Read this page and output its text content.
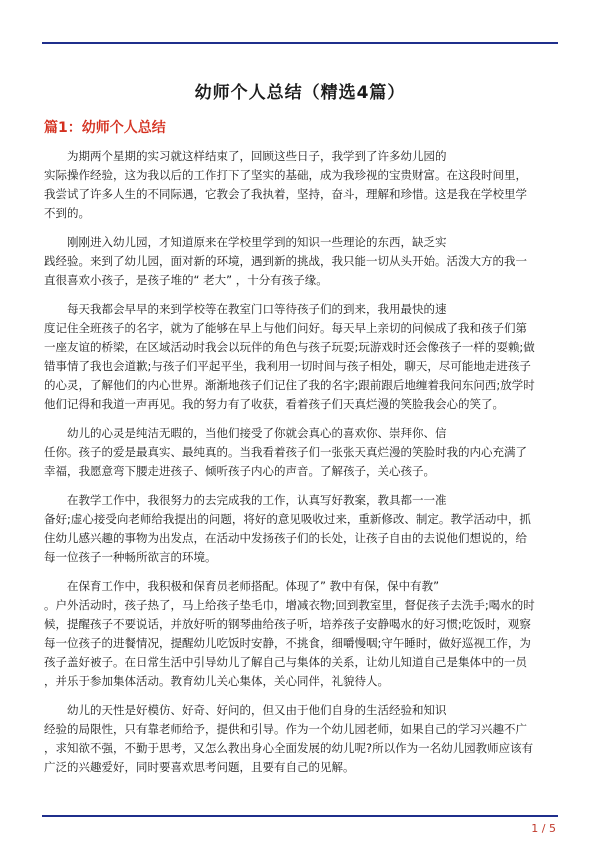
幼师个人总结（精选4篇）
篇1：幼师个人总结
为期两个星期的实习就这样结束了，回顾这些日子，我学到了许多幼儿园的
实际操作经验，这为我以后的工作打下了坚实的基础，成为我珍视的宝贵财富。在这段时间里，
我尝试了许多人生的不同际遇，它教会了我执着，坚持，奋斗，理解和珍惜。这是我在学校里学
不到的。
刚刚进入幼儿园，才知道原来在学校里学到的知识一些理论的东西，缺乏实
践经验。来到了幼儿园，面对新的环境，遇到新的挑战，我只能一切从头开始。活泼大方的我一
直很喜欢小孩子，是孩子堆的“ 老大” ，十分有孩子缘。
每天我都会早早的来到学校等在教室门口等待孩子们的到来，我用最快的速
度记住全班孩子的名字，就为了能够在早上与他们问好。每天早上亲切的问候成了我和孩子们第
一座友谊的桥梁，在区域活动时我会以玩伴的角色与孩子玩耍;玩游戏时还会像孩子一样的耍赖;做
错事情了我也会道歉;与孩子们平起平坐，我利用一切时间与孩子相处，聊天，尽可能地走进孩子
的心灵，了解他们的内心世界。渐渐地孩子们记住了我的名字;跟前跟后地缠着我问东问西;放学时
他们记得和我道一声再见。我的努力有了收获，看着孩子们天真烂漫的笑脸我会心的笑了。
幼儿的心灵是纯洁无暇的，当他们接受了你就会真心的喜欢你、崇拜你、信
任你。孩子的爱是最真实、最纯真的。当我看着孩子们一张张天真烂漫的笑脸时我的内心充满了
幸福，我愿意弯下腰走进孩子、倾听孩子内心的声音。了解孩子，关心孩子。
在教学工作中，我很努力的去完成我的工作，认真写好教案，教具都一一准
备好;虚心接受向老师给我提出的问题，将好的意见吸收过来，重新修改、制定。教学活动中，抓
住幼儿感兴趣的事物为出发点，在活动中发扬孩子们的长处，让孩子自由的去说他们想说的，给
每一位孩子一种畅所欲言的环境。
在保育工作中，我积极和保育员老师搭配。体现了” 教中有保，保中有教”
。户外活动时，孩子热了，马上给孩子垫毛巾，增减衣物;回到教室里，督促孩子去洗手;喝水的时
候，提醒孩子不要说话，并放好听的钢琴曲给孩子听，培养孩子安静喝水的好习惯;吃饭时，观察
每一位孩子的进餐情况，提醒幼儿吃饭时安静，不挑食，细嚼慢咽;守午睡时，做好巡视工作，为
孩子盖好被子。在日常生活中引导幼儿了解自己与集体的关系，让幼儿知道自己是集体中的一员
，并乐于参加集体活动。教育幼儿关心集体，关心同伴，礼貌待人。
幼儿的天性是好模仿、好奇、好问的，但又由于他们自身的生活经验和知识
经验的局限性，只有靠老师给予，提供和引导。作为一个幼儿园老师，如果自己的学习兴趣不广
，求知欲不强，不勤于思考，又怎么教出身心全面发展的幼儿呢?所以作为一名幼儿园教师应该有
广泛的兴趣爱好，同时要喜欢思考问题，且要有自己的见解。
1 / 5
